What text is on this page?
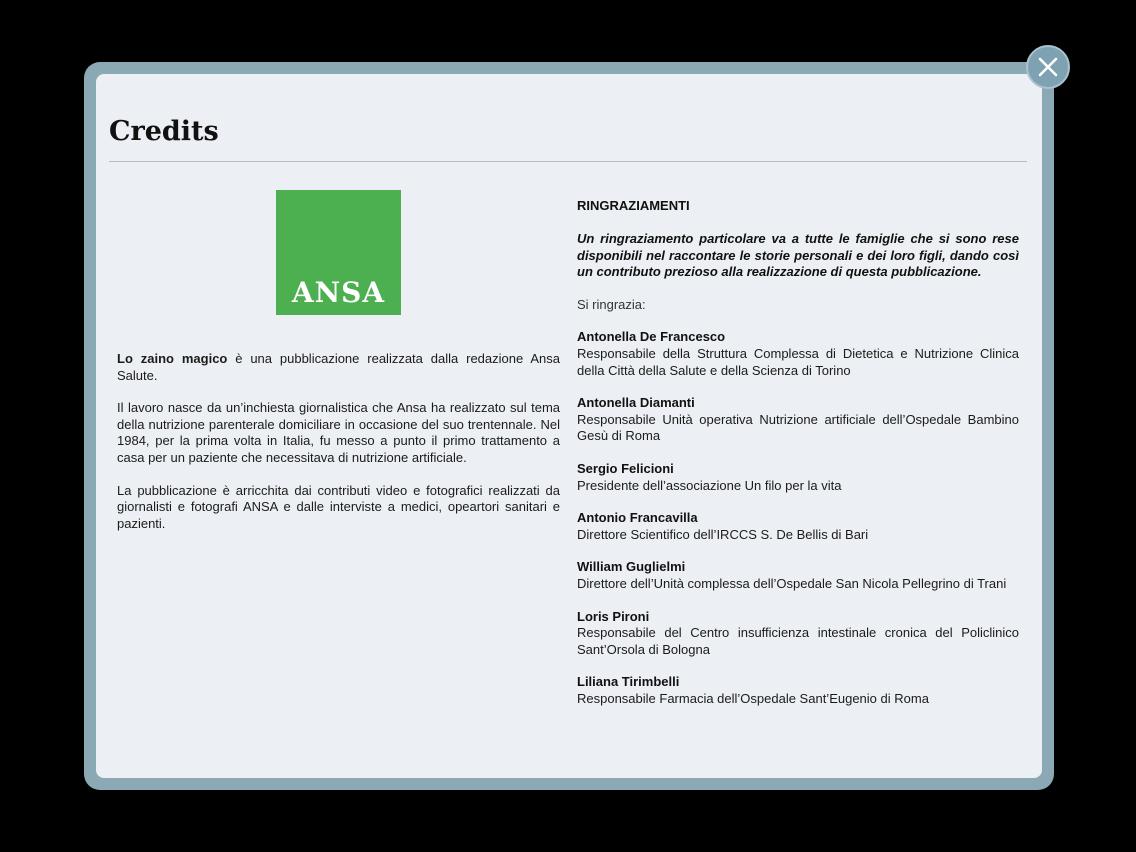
Credits
ANSA

Lo zaino magico è una pubblicazione realizzata dalla redazione Ansa Salute.

Il lavoro nasce da un’inchiesta giornalistica che Ansa ha realizzato sul tema della nutrizione parenterale domiciliare in occasione del suo trentennale. Nel 1984, per la prima volta in Italia, fu messo a punto il primo trattamento a casa per un paziente che necessitava di nutrizione artificiale.

La pubblicazione è arricchita dai contributi video e fotografici realizzati da giornalisti e fotografi ANSA e dalle interviste a medici, opeartori sanitari e pazienti.

RINGRAZIAMENTI

Un ringraziamento particolare va a tutte le famiglie che si sono rese disponibili nel raccontare le storie personali e dei loro figli, dando così un contributo prezioso alla realizzazione di questa pubblicazione.

Si ringrazia:

Antonella De Francesco
Responsabile della Struttura Complessa di Dietetica e Nutrizione Clinica della Città della Salute e della Scienza di Torino
Antonella Diamanti
Responsabile Unità operativa Nutrizione artificiale dell’Ospedale Bambino Gesù di Roma
Sergio Felicioni
Presidente dell’associazione Un filo per la vita
Antonio Francavilla
Direttore Scientifico dell’IRCCS S. De Bellis di Bari
William Guglielmi
Direttore dell’Unità complessa dell’Ospedale San Nicola Pellegrino di Trani
Loris Pironi
Responsabile del Centro insufficienza intestinale cronica del Policlinico Sant’Orsola di Bologna
Liliana Tirimbelli
Responsabile Farmacia dell’Ospedale Sant’Eugenio di Roma
